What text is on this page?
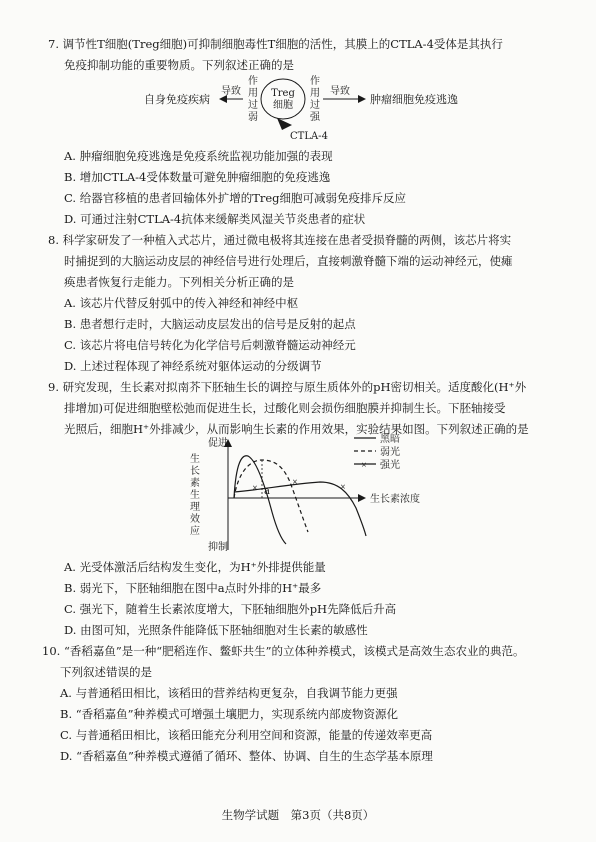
7. 调节性T细胞(Treg细胞)可抑制细胞毒性T细胞的活性，其膜上的CTLA-4受体是其执行
免疫抑制功能的重要物质。下列叙述正确的是
自身免疫疾病
导致
作
用
过
弱
Treg
细胞
CTLA-4
作
用
过
强
导致
肿瘤细胞免疫逃逸
A. 肿瘤细胞免疫逃逸是免疫系统监视功能加强的表现
B. 增加CTLA-4受体数量可避免肿瘤细胞的免疫逃逸
C. 给器官移植的患者回输体外扩增的Treg细胞可减弱免疫排斥反应
D. 可通过注射CTLA-4抗体来缓解类风湿关节炎患者的症状
8. 科学家研发了一种植入式芯片，通过微电极将其连接在患者受损脊髓的两侧，该芯片将实
时捕捉到的大脑运动皮层的神经信号进行处理后，直接刺激脊髓下端的运动神经元，使瘫
痪患者恢复行走能力。下列相关分析正确的是
A. 该芯片代替反射弧中的传入神经和神经中枢
B. 患者想行走时，大脑运动皮层发出的信号是反射的起点
C. 该芯片将电信号转化为化学信号后刺激脊髓运动神经元
D. 上述过程体现了神经系统对躯体运动的分级调节
9. 研究发现，生长素对拟南芥下胚轴生长的调控与原生质体外的pH密切相关。适度酸化(H⁺外
排增加)可促进细胞壁松弛而促进生长，过酸化则会损伤细胞膜并抑制生长。下胚轴接受
光照后，细胞H⁺外排减少，从而影响生长素的作用效果，实验结果如图。下列叙述正确的是
促进
抑制
生
长
素
生
理
效
应
生长素浓度
×
×
×
a
黑暗
弱光
× 强光
A. 光受体激活后结构发生变化，为H⁺外排提供能量
B. 弱光下，下胚轴细胞在图中a点时外排的H⁺最多
C. 强光下，随着生长素浓度增大，下胚轴细胞外pH先降低后升高
D. 由图可知，光照条件能降低下胚轴细胞对生长素的敏感性
10. “香稻嘉鱼”是一种“肥稻连作、鳖虾共生”的立体种养模式，该模式是高效生态农业的典范。
下列叙述错误的是
A. 与普通稻田相比，该稻田的营养结构更复杂，自我调节能力更强
B. “香稻嘉鱼”种养模式可增强土壤肥力，实现系统内部废物资源化
C. 与普通稻田相比，该稻田能充分利用空间和资源，能量的传递效率更高
D. “香稻嘉鱼”种养模式遵循了循环、整体、协调、自生的生态学基本原理
生物学试题　第3页（共8页）
